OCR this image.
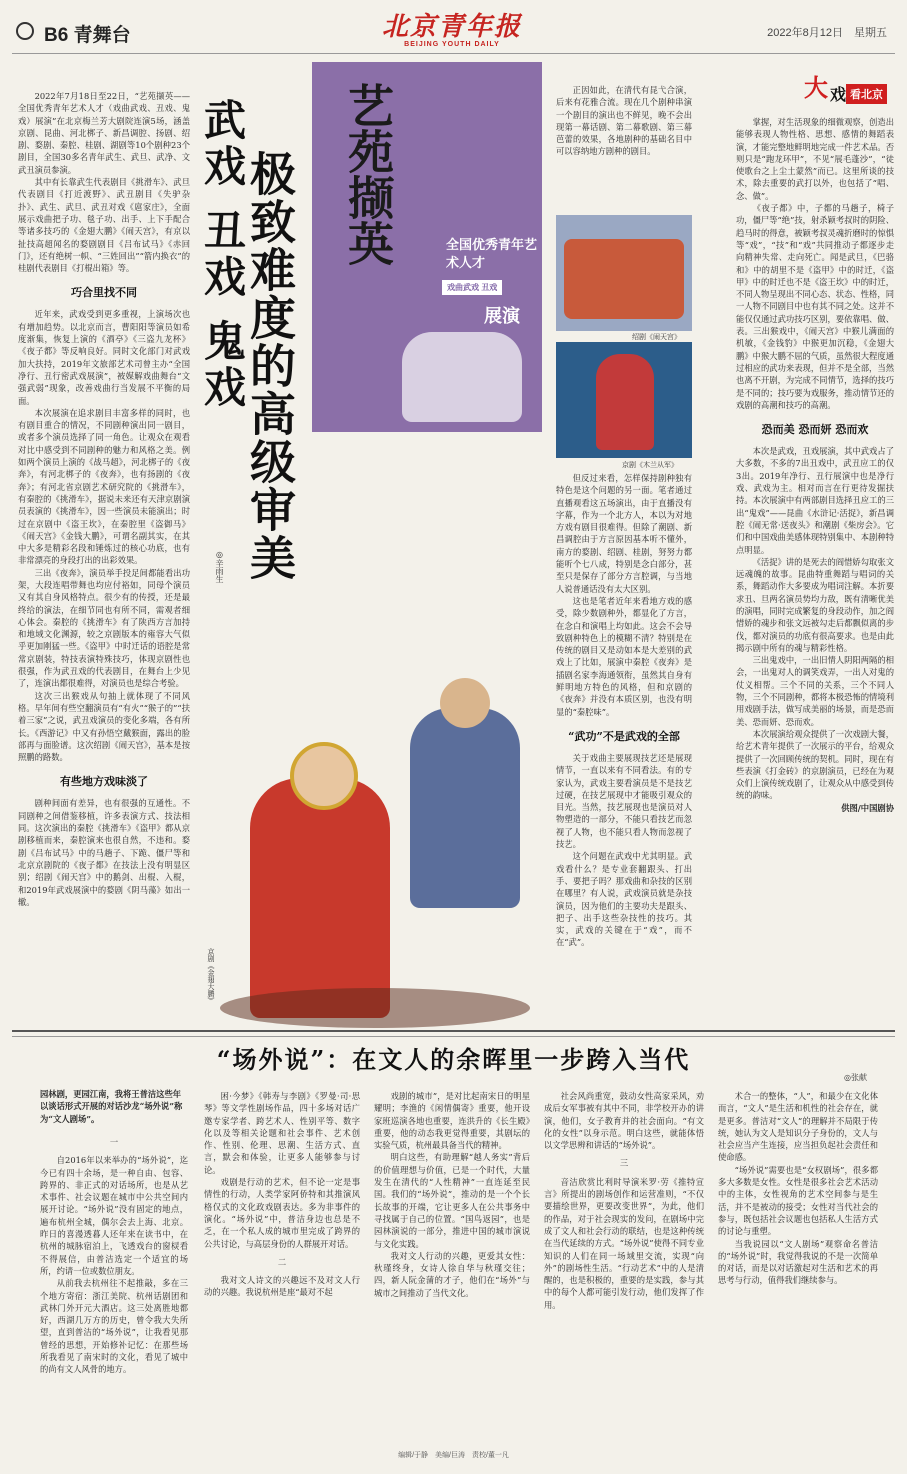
B6 青舞台	北京青年报
BEIJING YOUTH DAILY
2022年8月12日　星期五
大 戏 看北京

2022年7月18日至22日，“艺苑撷英——全国优秀青年艺术人才（戏曲武戏、丑戏、鬼戏）展演”在北京梅兰芳大剧院连演5场，涵盖京剧、昆曲、河北梆子、新昌调腔、扬剧、绍剧、婺剧、秦腔、桂剧、湖剧等10个剧种23个剧目，全国30多名青年武生、武旦、武净、文武丑演员参演。

其中有长靠武生代表剧目《挑滑车》、武旦代表剧目《打近渡野》、武丑剧目《失驴杂扑》、武生、武旦、武丑对戏《扈家庄》，全面展示戏曲把子功、毯子功、出手、上下手配合等诸多技巧的《金翅大鹏》《闹天宫》，有京以扯技高超闻名的婺剧剧目《吕布试马》《赤回门》，还有绝树一帜、“三姓回出”“箭内换衣”的桂剧代表剧目《打棍出箱》等。

巧合里找不同

近年来，武戏受到更多重视，上演场次也有增加趋势。以北京而言，曹阳阳等演员如希度渐集，恢复上演的《酒亭》《三盗九龙杯》《夜子都》等反响良好。同时文化部门对武戏加大扶持，2019年文旅部艺术司曾主办“全国净行、丑行密武戏展演”，被媒解戏曲舞台“文强武弱”现象，改善戏曲行当发展不平衡的局面。

本次展演在追求剧目丰富多样的同时，也有剧目重合的情况，不同剧种演出同一剧目，或者多个演员选择了同一角色。让观众在观看对比中感受到不同剧种的魅力和风格之美。例如两个演员上演的《战马超》，河北梆子的《夜奔》，有河北梆子的《夜奔》，也有扬剧的《夜奔》；有河北省京剧艺术研究院的《挑滑车》，有秦腔的《挑滑车》，据说未来还有天津京剧演员表演的《挑滑车》，因一些演员未能演出；时过在京剧中《盗王坎》，在秦腔里《盗御马》《闹天宫》《金钱大鹏》，可谓名副其实，在其中大多是精彩名段和锤炼过的核心功底，也有非常漂亮的身段打出的出彩效果。

三出《夜奔》，演员举手投足间都能看出功架，大段连唱带舞也均应付裕如，同母个演员又有其自身风格特点。很少有的传授，还是最终给的演法，在细节同也有所不同，需观者细心体会。秦腔的《挑滑车》有了陕西方言加持和地域文化渊源，较之京剧版本的雍容大气似乎更加刚猛一些。《盗甲》中时迁话的语腔是常常京剧装，特技表演特殊技巧，体现京剧性也很强，作为武丑戏的代表剧目，在舞台上少见了，连演出都很难得，对演员也是综合考验。

这次三出猴戏从句抽上就体现了不同风格。早年间有些空翻演员有“有火”“猴子的”“扶着三家”之说，武丑戏演员的变化多端，各有所长。《西游记》中又有孙悟空戴猴面，露出的脸部再与面脸谱。这次绍剧《闹天宫》，基本是按照鹏的路数。

有些地方戏味淡了

剧种间面有差异，也有很强的互通性。不同剧种之间借鉴移植，许多表演方式、技法相同。这次演出的秦腔《挑滑车》《盗甲》都从京剧移植而来，秦腔演来也很自然，不违和。婺剧《吕布试马》中的马趟子、下跪、僵尸等和北京京剧院的《夜子都》在技法上没有明显区别；绍剧《闹天宫》中的鹅剑、出棍、入棍，和2019年武戏展演中的婺剧《阴马藻》如出一辙。

武戏 丑戏 鬼戏
极致难度的高级审美
◎辛雨生
艺苑撷英	全国优秀青年艺术人才
戏曲武戏 丑戏
展演
绍剧《闹天宫》
京剧《木兰从军》

正因如此，在清代有昆弋合演，后来有花雅合流。现在几个剧种串演一个剧目的演出也不鲜见，晚不会出现第一幕话剧、第二幕歌剧、第三幕芭蕾的效果，各地剧种的基础名目中可以容纳地方剧种的剧目。

但反过来看，怎样保持剧种独有特色是这个问题的另一面。笔者通过直播观看这五场演出，由于直播没有字幕，作为一个北方人，本以为对地方戏有剧目很难得。但除了潮剧、新昌调腔由于方言原因基本听不懂外，南方的婺剧、绍剧、桂剧，努努力都能听个七八成，特别是念白部分，甚至只是保存了部分方言腔调，与当地人说普通话没有太大区别。

这也是笔者近年来看地方戏的感受，除少数剧种外，都显化了方言，在念白和演唱上均如此。这会不会导致剧种特色上的模糊不清？特别是在传统的剧目又是动如本是大差别的武戏上了比如，展演中秦腔《夜奔》是插剧名家李海通领衔，虽然其自身有鲜明地方特色的风格，但和京剧的《夜奔》并没有本质区别，也没有明显的“秦腔味”。

“武功”不是武戏的全部

关于戏曲主要展现技艺还是展现情节，一直以来有不同看法。有的专家认为，武戏主要看演员是不是技艺过硬，在技艺展现中才能吸引观众的目光。当然，技艺展现也是演员对人物塑造的一部分，不能只看技艺而忽视了人物，也不能只看人物而忽视了技艺。

这个问题在武戏中尤其明显。武戏看什么？是专业套翻跟头、打出手、要把子吗？那戏曲和杂技的区别在哪里？有人说，武戏演员就是杂技演员，因为他们的主要功夫是跟头、把子、出手这些杂技性的技巧。其实，武戏的关键在于“戏”，而不在“武”。

掌握，对生活现象的细微观察，创造出能够表现人物性格、思想、感情的舞蹈表演，才能完整地鲜明地完成一件艺术品。否则只是“跑龙环甲”，不见“展毛蓬沙”，“徒使歌台之上尘土蒙然”而已。这里所谈的技术，除去重要的武打以外，也包括了“唱、念、做”。

《夜子都》中，子都的马趟子，椅子功，僵尸等“绝”技，射杀颖考叔时的阴险、趋马时的得意，被颖考叔灵魂折磨时的惊惧等“戏”，“技”和“戏”共同推动子都逐步走向精神失常、走向死亡。闻是武旦，《巴骆和》中的胡里不是《盗甲》中的时迁，《盗甲》中的时迁也不是《盗王坎》中的时迁，不同人物呈现出不同心态、状态、性格，同一人物不同剧目中也有其不同之处。这并不能仅仅通过武功技巧区别，要依靠唱、做、表。三出猴戏中，《闹天宫》中猴儿满面的机敏，《金钱豹》中猴更加沉稳，《金翅大鹏》中猴大鹏不屈的气质，虽然很大程度通过相应的武功来表现，但并不是全部，当然也离不开剧，为完成不同情节，选择的技巧是不同的；技巧要为戏服务，推动情节还的戏剧的高潮和技巧的高潮。

恐而美 恐而妍 恐而欢

本次是武戏，丑戏展演，其中武戏占了大多数，不多的7出丑戏中，武丑应工的仅3出。2019年净行、丑行展演中也是净行戏、武戏为主。相对而言在行更待发掘扶持。本次展演中有两部剧目选择丑应工的三出“鬼戏”——昆曲《水浒记·活捉》，新昌调腔《闹无常·送夜头》和潮剧《柴房会》。它们和中国戏曲美感体现特别集中、本剧种特点明显。

《活捉》讲的是死去的阎惜娇勾取张文远魂魄的故事。昆曲特重舞蹈与唱词的关系，舞蹈动作大多要成为唱词注解。本折要求丑、旦两名演员势均力敌，既有清晰优美的演唱，同时完成繁复的身段动作，加之阎惜娇的魂步和张文远被勾走后都飘似离的步伐，都对演员的功底有很高要求。也是由此揭示剧中所有的魂与精彩性格。

三出鬼戏中，一出旧情人阴阳两隔的相会，一出鬼对人的调笑戏弄，一出人对鬼的仗义相帮。三个不同的关系，三个不同人物，三个不同剧种，都将本极恐怖的情境利用戏剧手法，做写成美丽的场景，而是恐而美、恐而妍、恐而欢。

本次展演给观众提供了一次戏剧大餐，给艺术青年提供了一次展示的平台，给观众提供了一次回顾传统的契机。同时，现在有些表演《打金砖》的京剧演员，已经在为观众们上演传统戏剧了，让观众从中感受到传统的韵味。

供图/中国剧协

京剧《金翅大鹏》
“场外说”：在文人的余晖里一步跨入当代
◎张献
园林剧，更园江南，我将王普洁这些年以谈话形式开展的对话沙龙“场外说”称为“文人剧场”。

一

自2016年以来举办的“场外说”，迄今已有四十余场，是一种自由、包容、跨界的、非正式的对话场所，也是从艺术事件、社会议题在城市中公共空间内展开讨论。“场外说”没有固定的地点，遍布杭州全城，偶尔会去上海、北京。昨日的喜漫透暮人还年来在读书中，在杭州的城脉宿泊上，飞透戏台的窗棂看不得展信，由普洁选定一个适宜的场所，约请一位或数位朋友。

从前我去杭州往不起推敲，多在三个地方寄宿：浙江美院、杭州话剧团和武林门外开元大酒店。这三处离胜地都好，西湖几万方的历史，曾令我大失所望，直到普洁的“场外说”，让我看见那曾经的思想，开始修补记忆：在那些场所我看见了南宋时的文化，看见了城中的尚有文人风骨的地方。

困·今梦》《韩寿与李剧》《罗曼·司·思琴》等文学性剧场作品，四十多场对话广邀专家学者、跨艺术人、性别平等、数字化以及等相关论题和社会事件、艺术创作、性别、伦理、思潮、生活方式、直言，默会和体验，让更多人能够参与讨论。

戏剧是行动的艺术，但不论一定是事情性的行动，人类学家阿侨特和其推演风格仅式的文化政戏剧表达。多为非事件的演化。“场外说”中，普洁身边也总是不乏，在一个私人成的城市里完成了跨界的公共讨论，与高层身份的人群展开对话。

二

我对文人诗文的兴趣远不及对文人行动的兴趣。我说杭州是座“最对不起

戏剧的城市”，是对比起南宋日的明星耀明；李渔的《闲情偶寄》重要，他开设家班巡演各地也重要，连洪升的《长生殿》重要，他的动态我更觉得重要，其剧坛的实验气质，杭州最具备当代的精神。

明白这些，有助理解“越人务实”背后的价值理想与价值，已是一个时代，大量发生在清代的“人性精神”一直连延至民国。我们的“场外说”，推动的是一个个长长故事的开端，它让更多人在公共事务中寻找属于自己的位置。“国鸟返园”，也是园林演说的一部分，推进中国的城市演说与文化实践。

我对文人行动的兴趣，更爱其女性：秋瑾终身，女诗人徐自华与秋瑾交往；四，新人阮金蒲的才子，他们在“场外”与城市之间推动了当代文化。

社会风尚重宽，鼓动女性高家采风，劝成后女军事被有其中不同，非学校开办的讲演，他们，女子教育并的社会面向。“有文化的女性”以身示范。明白这些，就能体悟以文学思辨和讲话的“场外说”。

三

音洁欣赏比利时导演米罗·劳《推特宣言》所提出的剧场创作和运营准则，“不仅要描绘世界，更要改变世界”，为此，他们的作品，对于社会现实的发问，在剧场中完成了文人和社会行动的联结，也是这种传统在当代延续的方式。“场外说”使得不同专业知识的人们在同一场域里交流，实现“向外”的剧场性生活。“行动艺术”中的人是清醒的，也是积极的，重要的是实践，参与其中的每个人都可能引发行动，他们发挥了作用。

术合一的整体，“人”，和最少在文化体而言，“文人”是生活和机性的社会存在，就是更多。普洁对“文人”的理解并不局限于传统，她认为文人是知识分子身份的，文人与社会应当产生连接，应当担负起社会责任和使命感。

“场外说”需要也是“女权剧场”，很多都多大多数是女性。女性是很多社会艺术活动中的主体，女性视角的艺术空间参与是生活，并不是被动的接受；女性对当代社会的参与，既包括社会议题也包括私人生活方式的讨论与重塑。

当我说园以“文人剧场”观察命名普洁的“场外说”时，我觉得我说的不是一次简单的对话，而是以对话激起对生活和艺术的再思考与行动，值得我们继续参与。

编辑/于静　美编/巨涛　责校/董一凡
